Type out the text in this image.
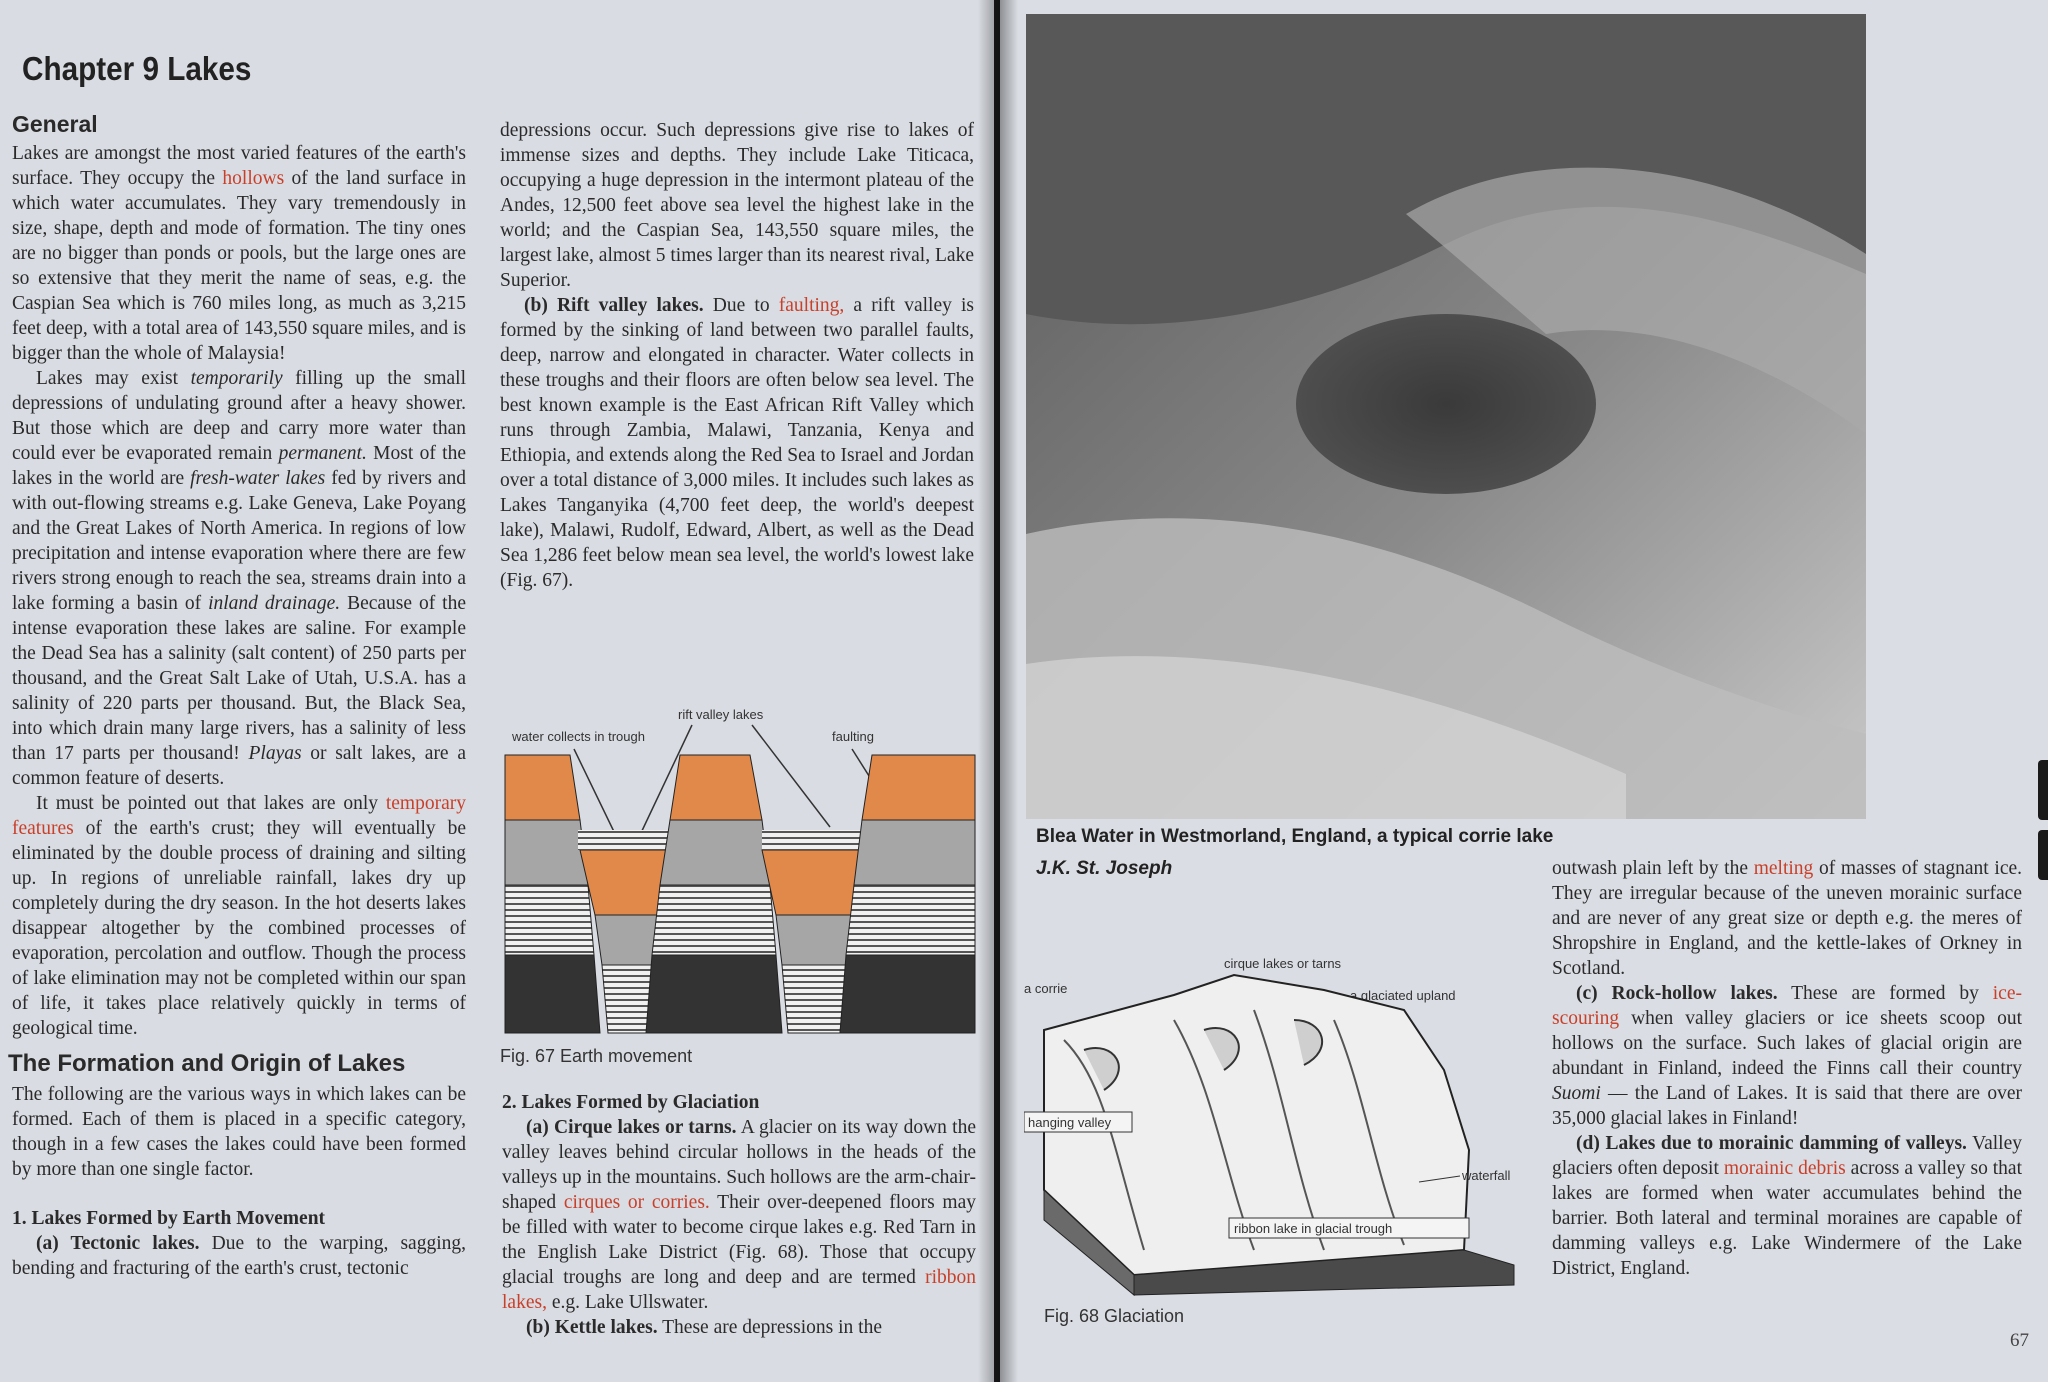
Chapter 9 Lakes
General

Lakes are amongst the most varied features of the earth's surface. They occupy the hollows of the land surface in which water accumulates. They vary tremendously in size, shape, depth and mode of formation. The tiny ones are no bigger than ponds or pools, but the large ones are so extensive that they merit the name of seas, e.g. the Caspian Sea which is 760 miles long, as much as 3,215 feet deep, with a total area of 143,550 square miles, and is bigger than the whole of Malaysia!

Lakes may exist temporarily filling up the small depressions of undulating ground after a heavy shower. But those which are deep and carry more water than could ever be evaporated remain permanent. Most of the lakes in the world are fresh-water lakes fed by rivers and with out-flowing streams e.g. Lake Geneva, Lake Poyang and the Great Lakes of North America. In regions of low precipitation and intense evaporation where there are few rivers strong enough to reach the sea, streams drain into a lake forming a basin of inland drainage. Because of the intense evaporation these lakes are saline. For example the Dead Sea has a salinity (salt content) of 250 parts per thousand, and the Great Salt Lake of Utah, U.S.A. has a salinity of 220 parts per thousand. But, the Black Sea, into which drain many large rivers, has a salinity of less than 17 parts per thousand! Playas or salt lakes, are a common feature of deserts.

It must be pointed out that lakes are only temporary features of the earth's crust; they will eventually be eliminated by the double process of draining and silting up. In regions of unreliable rainfall, lakes dry up completely during the dry season. In the hot deserts lakes disappear altogether by the combined processes of evaporation, percolation and outflow. Though the process of lake elimination may not be completed within our span of life, it takes place relatively quickly in terms of geological time.

The Formation and Origin of Lakes

The following are the various ways in which lakes can be formed. Each of them is placed in a specific category, though in a few cases the lakes could have been formed by more than one single factor.

1. Lakes Formed by Earth Movement

(a) Tectonic lakes. Due to the warping, sagging, bending and fracturing of the earth's crust, tectonic

depressions occur. Such depressions give rise to lakes of immense sizes and depths. They include Lake Titicaca, occupying a huge depression in the intermont plateau of the Andes, 12,500 feet above sea level the highest lake in the world; and the Caspian Sea, 143,550 square miles, the largest lake, almost 5 times larger than its nearest rival, Lake Superior.

(b) Rift valley lakes. Due to faulting, a rift valley is formed by the sinking of land between two parallel faults, deep, narrow and elongated in character. Water collects in these troughs and their floors are often below sea level. The best known example is the East African Rift Valley which runs through Zambia, Malawi, Tanzania, Kenya and Ethiopia, and extends along the Red Sea to Israel and Jordan over a total distance of 3,000 miles. It includes such lakes as Lakes Tanganyika (4,700 feet deep, the world's deepest lake), Malawi, Rudolf, Edward, Albert, as well as the Dead Sea 1,286 feet below mean sea level, the world's lowest lake (Fig. 67).

rift valley lakes
water collects in trough	faulting
Fig. 67 Earth movement

2. Lakes Formed by Glaciation

(a) Cirque lakes or tarns. A glacier on its way down the valley leaves behind circular hollows in the heads of the valleys up in the mountains. Such hollows are the arm-chair-shaped cirques or corries. Their over-deepened floors may be filled with water to become cirque lakes e.g. Red Tarn in the English Lake District (Fig. 68). Those that occupy glacial troughs are long and deep and are termed ribbon lakes, e.g. Lake Ullswater.

(b) Kettle lakes. These are depressions in the

Blea Water in Westmorland, England, a typical corrie lake
J.K. St. Joseph
cirque lakes or tarns
a corrie	a glaciated upland
hanging valley
waterfall
ribbon lake in glacial trough
Fig. 68 Glaciation

outwash plain left by the melting of masses of stagnant ice. They are irregular because of the uneven morainic surface and are never of any great size or depth e.g. the meres of Shropshire in England, and the kettle-lakes of Orkney in Scotland.

(c) Rock-hollow lakes. These are formed by ice-scouring when valley glaciers or ice sheets scoop out hollows on the surface. Such lakes of glacial origin are abundant in Finland, indeed the Finns call their country Suomi — the Land of Lakes. It is said that there are over 35,000 glacial lakes in Finland!

(d) Lakes due to morainic damming of valleys. Valley glaciers often deposit morainic debris across a valley so that lakes are formed when water accumulates behind the barrier. Both lateral and terminal moraines are capable of damming valleys e.g. Lake Windermere of the Lake District, England.

67
